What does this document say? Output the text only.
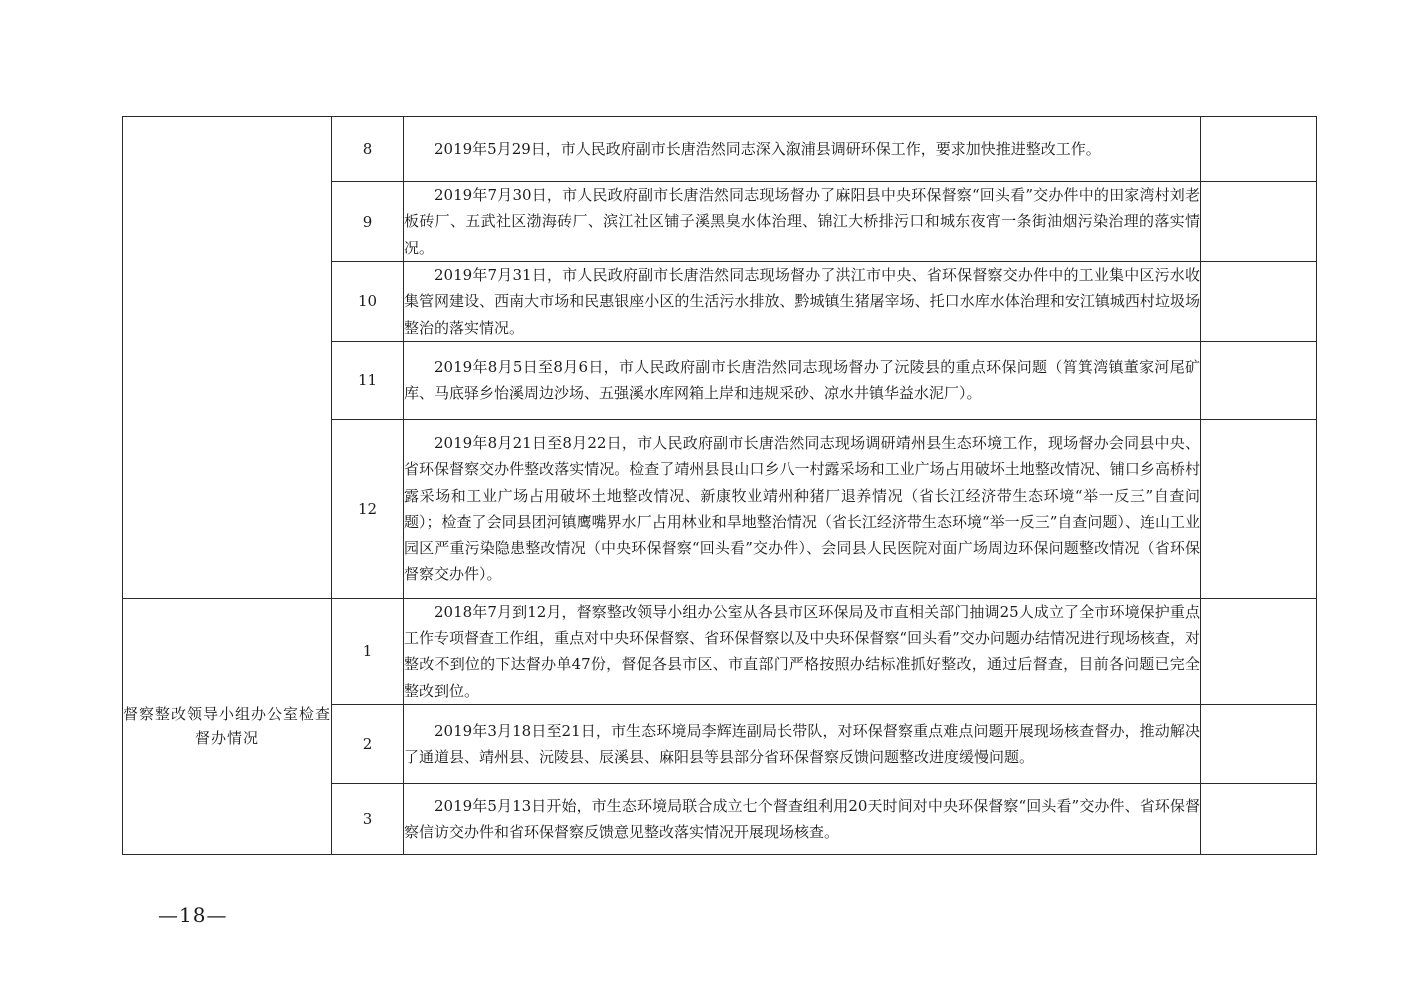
	8	2019年5月29日，市人民政府副市长唐浩然同志深入溆浦县调研环保工作，要求加快推进整改工作。	
	9	2019年7月30日，市人民政府副市长唐浩然同志现场督办了麻阳县中央环保督察“回头看”交办件中的田家湾村刘老板砖厂、五武社区渤海砖厂、滨江社区铺子溪黑臭水体治理、锦江大桥排污口和城东夜宵一条街油烟污染治理的落实情况。	
	10	2019年7月31日，市人民政府副市长唐浩然同志现场督办了洪江市中央、省环保督察交办件中的工业集中区污水收集管网建设、西南大市场和民惠银座小区的生活污水排放、黔城镇生猪屠宰场、托口水库水体治理和安江镇城西村垃圾场整治的落实情况。	
	11	2019年8月5日至8月6日，市人民政府副市长唐浩然同志现场督办了沅陵县的重点环保问题（筲箕湾镇董家河尾矿库、马底驿乡怡溪周边沙场、五强溪水库网箱上岸和违规采砂、凉水井镇华益水泥厂）。	
	12	2019年8月21日至8月22日，市人民政府副市长唐浩然同志现场调研靖州县生态环境工作，现场督办会同县中央、省环保督察交办件整改落实情况。检查了靖州县艮山口乡八一村露采场和工业广场占用破坏土地整改情况、铺口乡高桥村露采场和工业广场占用破坏土地整改情况、新康牧业靖州种猪厂退养情况（省长江经济带生态环境“举一反三”自查问题）；检查了会同县团河镇鹰嘴界水厂占用林业和旱地整治情况（省长江经济带生态环境“举一反三”自查问题）、连山工业园区严重污染隐患整改情况（中央环保督察“回头看”交办件）、会同县人民医院对面广场周边环保问题整改情况（省环保督察交办件）。	
督察整改领导小组办公室检查督办情况	1	2018年7月到12月，督察整改领导小组办公室从各县市区环保局及市直相关部门抽调25人成立了全市环境保护重点工作专项督查工作组，重点对中央环保督察、省环保督察以及中央环保督察“回头看”交办问题办结情况进行现场核查，对整改不到位的下达督办单47份，督促各县市区、市直部门严格按照办结标准抓好整改，通过后督查，目前各问题已完全整改到位。	
	2	2019年3月18日至21日，市生态环境局李辉连副局长带队，对环保督察重点难点问题开展现场核查督办，推动解决了通道县、靖州县、沅陵县、辰溪县、麻阳县等县部分省环保督察反馈问题整改进度缓慢问题。	
	3	2019年5月13日开始，市生态环境局联合成立七个督查组利用20天时间对中央环保督察“回头看”交办件、省环保督察信访交办件和省环保督察反馈意见整改落实情况开展现场核查。	
—18—
